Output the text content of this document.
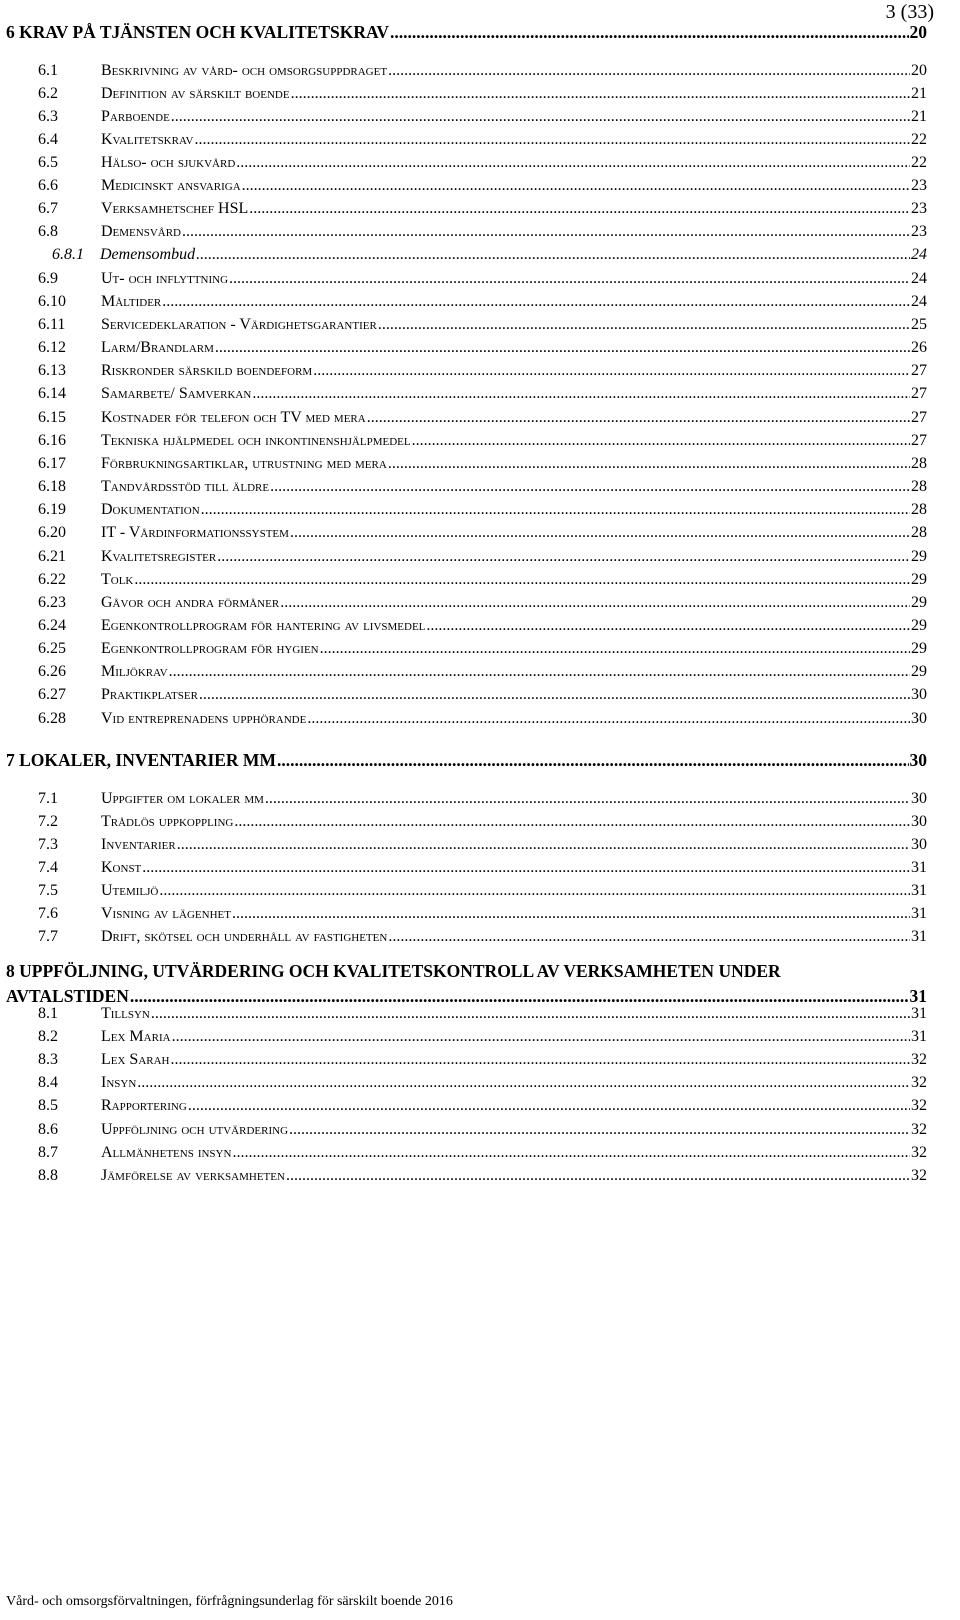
3 (33)
6 KRAV PÅ TJÄNSTEN OCH KVALITETSKRAV .....	20
6.1	Beskrivning av vård- och omsorgsuppdraget .....	20
6.2	Definition av särskilt boende .....	21
6.3	Parboende .....	21
6.4	Kvalitetskrav .....	22
6.5	Hälso- och sjukvård .....	22
6.6	Medicinskt ansvariga .....	23
6.7	Verksamhetschef HSL .....	23
6.8	Demensvård .....	23
6.8.1	Demensombud .....	24
6.9	Ut- och inflyttning .....	24
6.10	Måltider .....	24
6.11	Servicedeklaration - Värdighetsgarantier .....	25
6.12	Larm/Brandlarm .....	26
6.13	Riskronder särskild boendeform .....	27
6.14	Samarbete/ Samverkan .....	27
6.15	Kostnader för telefon och TV med mera .....	27
6.16	Tekniska hjälpmedel och inkontinenshjälpmedel .....	27
6.17	Förbrukningsartiklar, utrustning med mera .....	28
6.18	Tandvårdsstöd till äldre .....	28
6.19	Dokumentation .....	28
6.20	IT - Vårdinformationssystem .....	28
6.21	Kvalitetsregister .....	29
6.22	Tolk .....	29
6.23	Gåvor och andra förmåner .....	29
6.24	Egenkontrollprogram för hantering av livsmedel .....	29
6.25	Egenkontrollprogram för hygien .....	29
6.26	Miljökrav .....	29
6.27	Praktikplatser .....	30
6.28	Vid entreprenadens upphörande .....	30
7 LOKALER, INVENTARIER MM .....	30
7.1	Uppgifter om lokaler mm .....	30
7.2	Trådlös uppkoppling .....	30
7.3	Inventarier .....	30
7.4	Konst .....	31
7.5	Utemiljö .....	31
7.6	Visning av lägenhet .....	31
7.7	Drift, skötsel och underhåll av fastigheten .....	31
8 UPPFÖLJNING, UTVÄRDERING OCH KVALITETSKONTROLL AV VERKSAMHETEN UNDER
AVTALSTIDEN .....	31
8.1	Tillsyn .....	31
8.2	Lex Maria .....	31
8.3	Lex Sarah .....	32
8.4	Insyn .....	32
8.5	Rapportering .....	32
8.6	Uppföljning och utvärdering .....	32
8.7	Allmänhetens insyn .....	32
8.8	Jämförelse av verksamheten .....	32
Vård- och omsorgsförvaltningen, förfrågningsunderlag för särskilt boende 2016
